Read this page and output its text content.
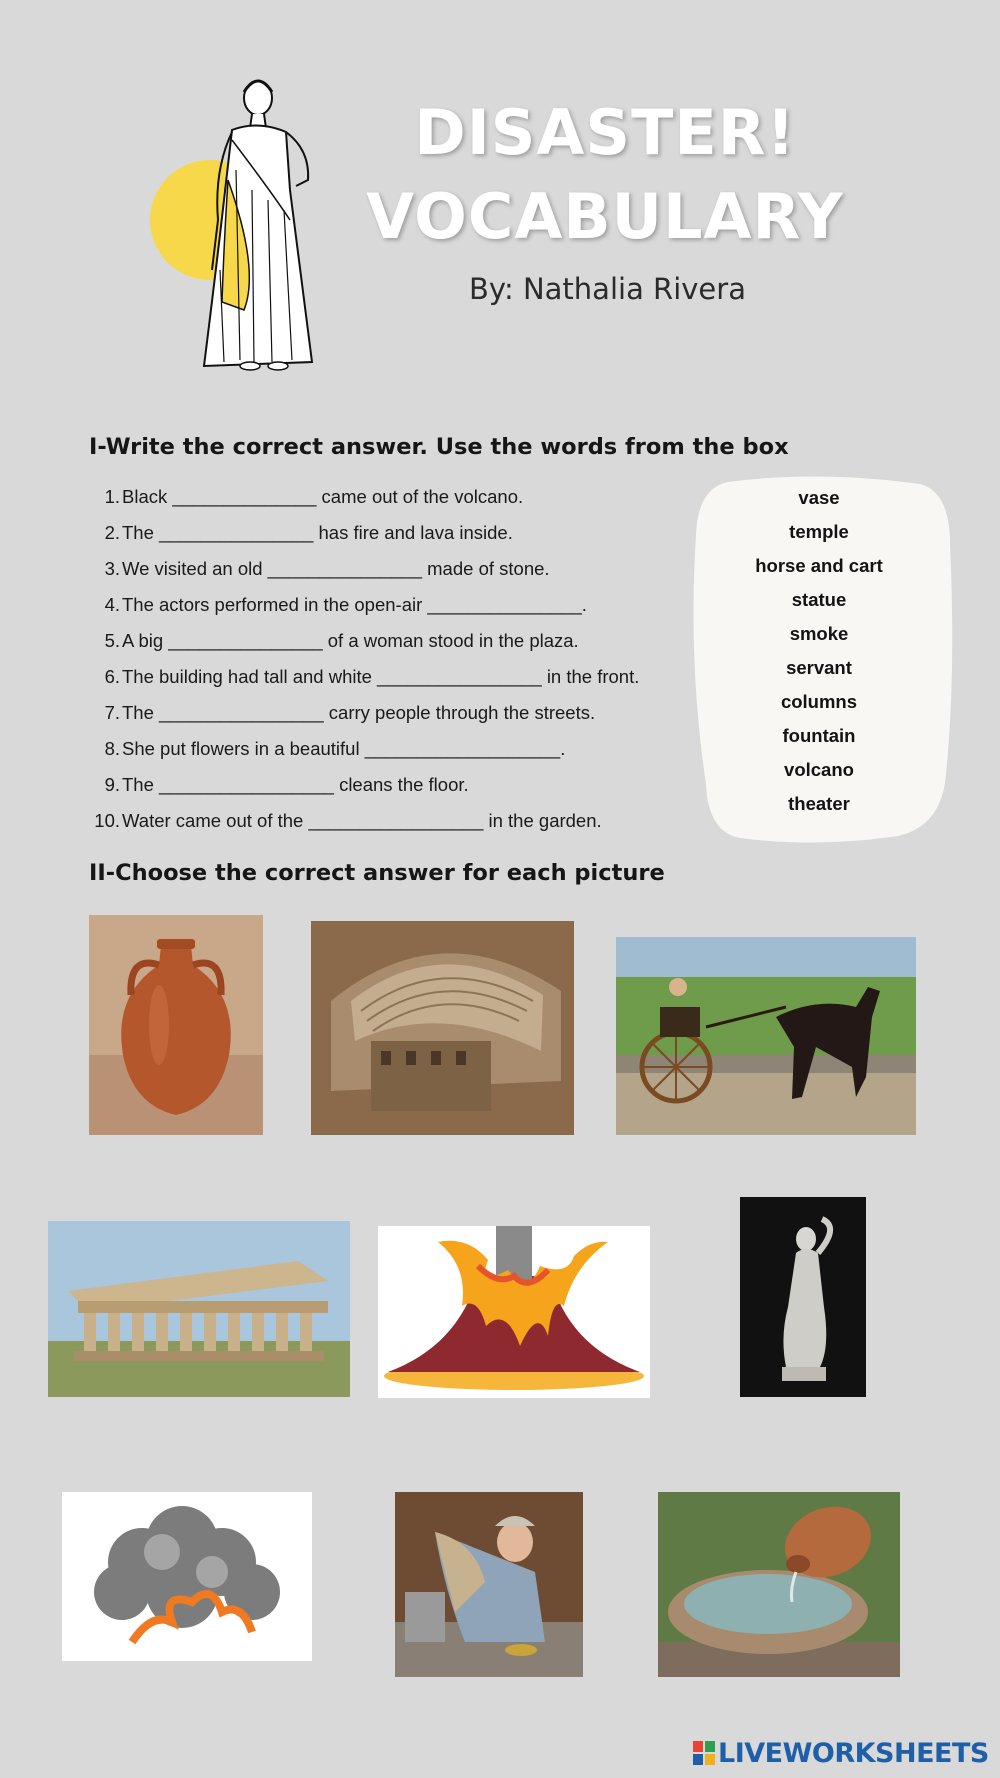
DISASTER!
VOCABULARY
By: Nathalia Rivera
I-Write the correct answer. Use the words from the box
1. Black ______________ came out of the volcano.
2. The _______________ has fire and lava inside.
3. We visited an old _______________ made of stone.
4. The actors performed in the open-air _______________.
5. A big _______________ of a woman stood in the plaza.
6. The building had tall and white ________________ in the front.
7. The ________________ carry people through the streets.
8. She put flowers in a beautiful ___________________.
9. The _________________ cleans the floor.
10. Water came out of the _________________ in the garden.
vase
temple
horse and cart
statue
smoke
servant
columns
fountain
volcano
theater
II-Choose the correct answer for each picture
LIVEWORKSHEETS
